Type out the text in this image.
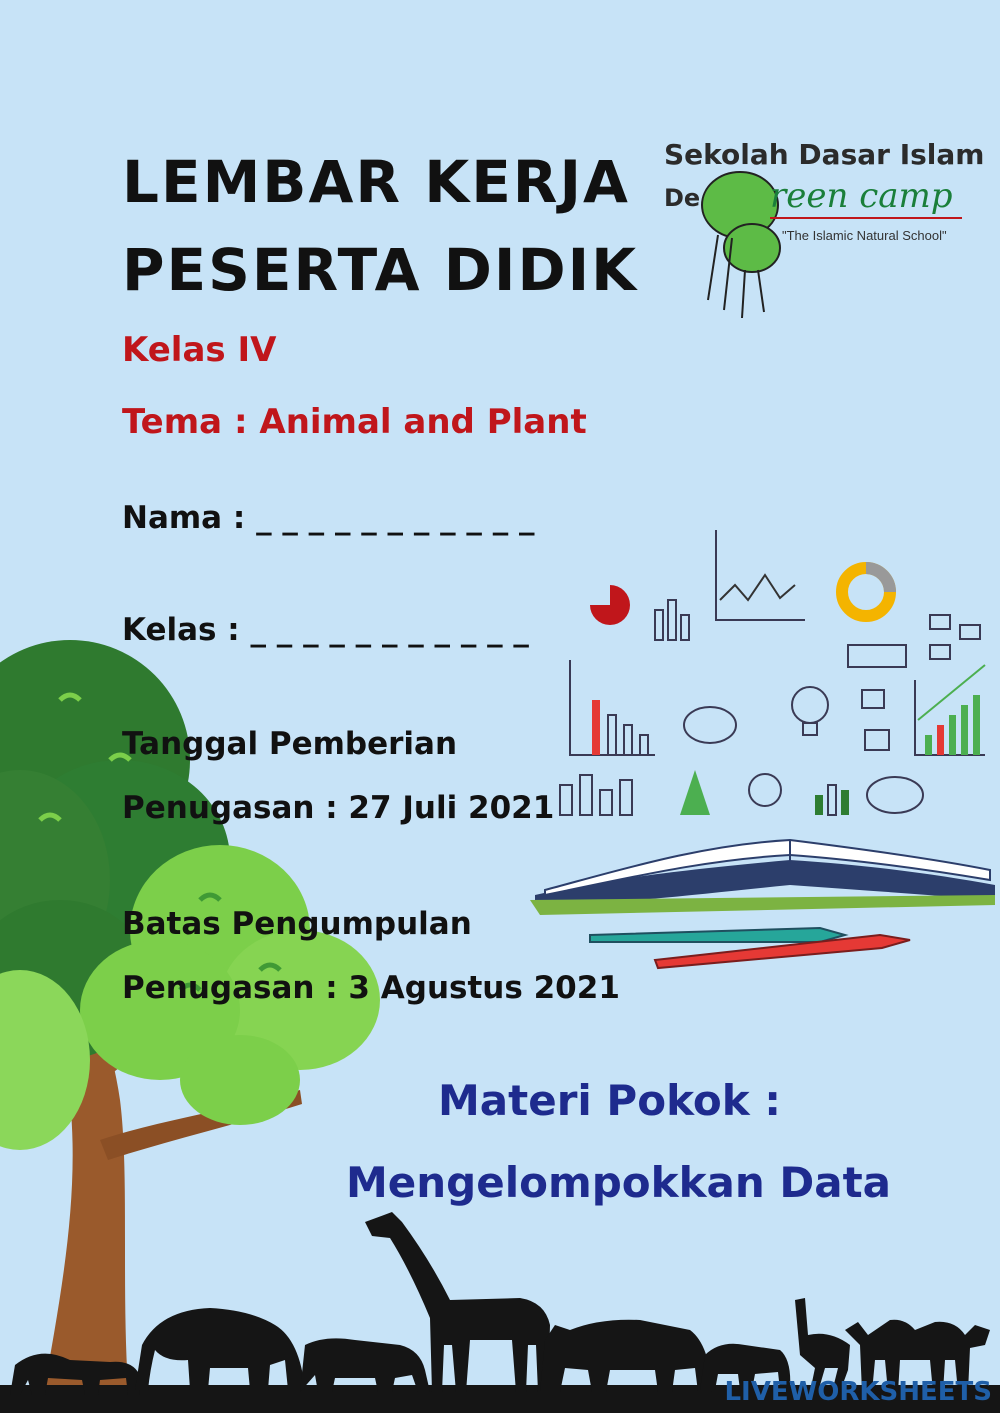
LEMBAR KERJA
PESERTA DIDIK
Kelas IV
Tema : Animal and Plant
Nama : _ _ _ _ _ _ _ _ _ _ _
Kelas : _ _ _ _ _ _ _ _ _ _ _
Tanggal Pemberian
Penugasan : 27 Juli 2021
Batas Pengumpulan
Penugasan : 3 Agustus 2021
Materi Pokok :
Mengelompokkan Data
Sekolah Dasar Islam
De reen camp
"The Islamic Natural School"
LIVEWORKSHEETS
